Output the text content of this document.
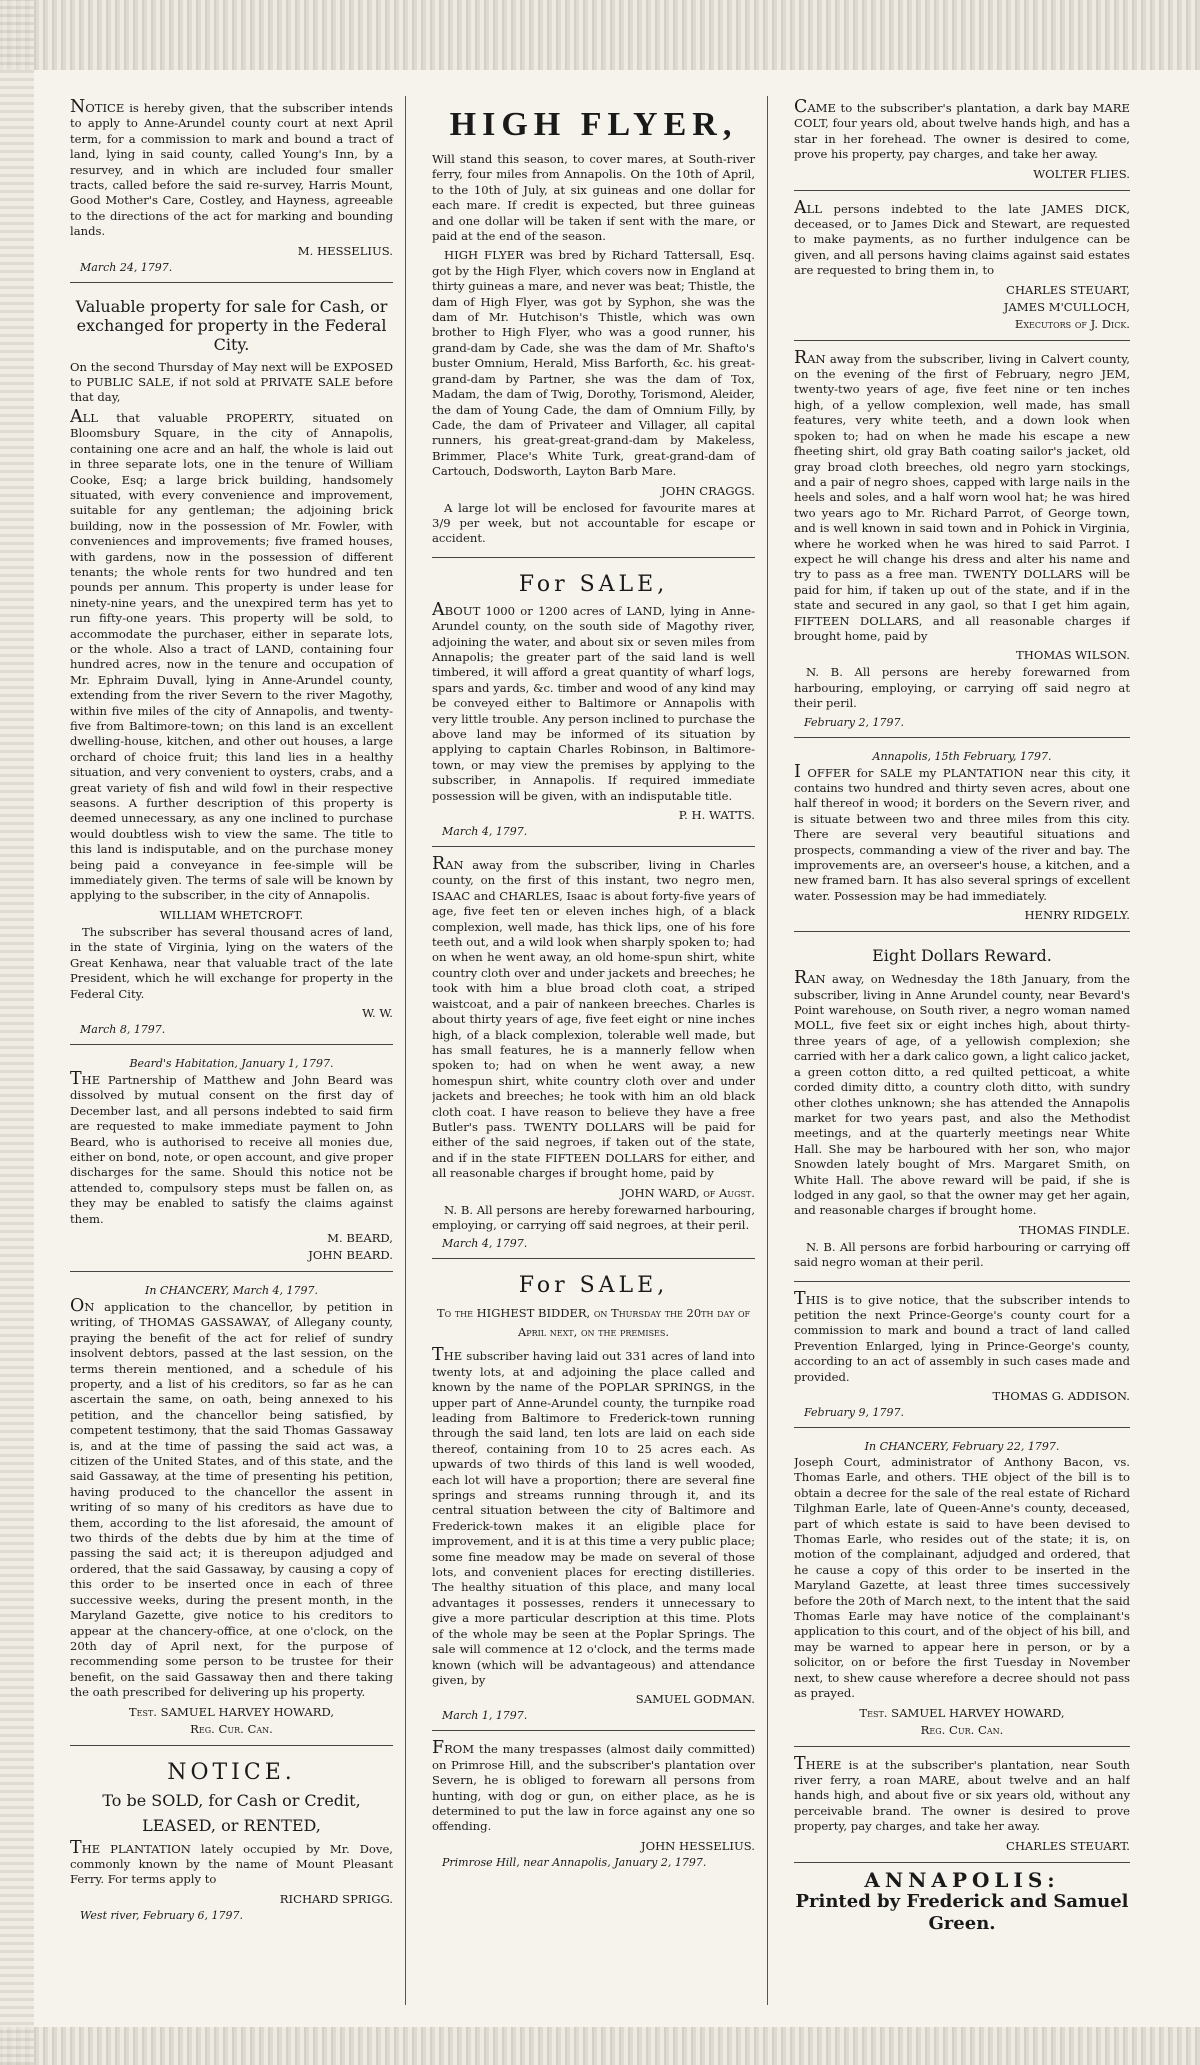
NOTICE is hereby given, that the subscriber intends to apply to Anne-Arundel county court at next April term, for a commission to mark and bound a tract of land, lying in said county, called Young's Inn, by a resurvey, and in which are included four smaller tracts, called before the said re-survey, Harris Mount, Good Mother's Care, Costley, and Hayness, agreeable to the directions of the act for marking and bounding lands.

M. HESSELIUS.
March 24, 1797.
Valuable property for sale for Cash, or exchanged for property in the Federal City.

On the second Thursday of May next will be EXPOSED to PUBLIC SALE, if not sold at PRIVATE SALE before that day,

ALL that valuable PROPERTY, situated on Bloomsbury Square, in the city of Annapolis, containing one acre and an half, the whole is laid out in three separate lots, one in the tenure of William Cooke, Esq; a large brick building, handsomely situated, with every convenience and improvement, suitable for any gentleman; the adjoining brick building, now in the possession of Mr. Fowler, with conveniences and improvements; five framed houses, with gardens, now in the possession of different tenants; the whole rents for two hundred and ten pounds per annum. This property is under lease for ninety-nine years, and the unexpired term has yet to run fifty-one years. This property will be sold, to accommodate the purchaser, either in separate lots, or the whole. Also a tract of LAND, containing four hundred acres, now in the tenure and occupation of Mr. Ephraim Duvall, lying in Anne-Arundel county, extending from the river Severn to the river Magothy, within five miles of the city of Annapolis, and twenty-five from Baltimore-town; on this land is an excellent dwelling-house, kitchen, and other out houses, a large orchard of choice fruit; this land lies in a healthy situation, and very convenient to oysters, crabs, and a great variety of fish and wild fowl in their respective seasons. A further description of this property is deemed unnecessary, as any one inclined to purchase would doubtless wish to view the same. The title to this land is indisputable, and on the purchase money being paid a conveyance in fee-simple will be immediately given. The terms of sale will be known by applying to the subscriber, in the city of Annapolis.

WILLIAM WHETCROFT.

The subscriber has several thousand acres of land, in the state of Virginia, lying on the waters of the Great Kenhawa, near that valuable tract of the late President, which he will exchange for property in the Federal City.

W. W.
March 8, 1797.
Beard's Habitation, January 1, 1797.

THE Partnership of Matthew and John Beard was dissolved by mutual consent on the first day of December last, and all persons indebted to said firm are requested to make immediate payment to John Beard, who is authorised to receive all monies due, either on bond, note, or open account, and give proper discharges for the same. Should this notice not be attended to, compulsory steps must be fallen on, as they may be enabled to satisfy the claims against them.

M. BEARD,
JOHN BEARD.
In CHANCERY, March 4, 1797.

ON application to the chancellor, by petition in writing, of THOMAS GASSAWAY, of Allegany county, praying the benefit of the act for relief of sundry insolvent debtors, passed at the last session, on the terms therein mentioned, and a schedule of his property, and a list of his creditors, so far as he can ascertain the same, on oath, being annexed to his petition, and the chancellor being satisfied, by competent testimony, that the said Thomas Gassaway is, and at the time of passing the said act was, a citizen of the United States, and of this state, and the said Gassaway, at the time of presenting his petition, having produced to the chancellor the assent in writing of so many of his creditors as have due to them, according to the list aforesaid, the amount of two thirds of the debts due by him at the time of passing the said act; it is thereupon adjudged and ordered, that the said Gassaway, by causing a copy of this order to be inserted once in each of three successive weeks, during the present month, in the Maryland Gazette, give notice to his creditors to appear at the chancery-office, at one o'clock, on the 20th day of April next, for the purpose of recommending some person to be trustee for their benefit, on the said Gassaway then and there taking the oath prescribed for delivering up his property.

Test. SAMUEL HARVEY HOWARD,
Reg. Cur. Can.
NOTICE.
To be SOLD, for Cash or Credit,
LEASED, or RENTED,

THE PLANTATION lately occupied by Mr. Dove, commonly known by the name of Mount Pleasant Ferry. For terms apply to

RICHARD SPRIGG.
West river, February 6, 1797.
HIGH FLYER,

Will stand this season, to cover mares, at South-river ferry, four miles from Annapolis. On the 10th of April, to the 10th of July, at six guineas and one dollar for each mare. If credit is expected, but three guineas and one dollar will be taken if sent with the mare, or paid at the end of the season.

HIGH FLYER was bred by Richard Tattersall, Esq. got by the High Flyer, which covers now in England at thirty guineas a mare, and never was beat; Thistle, the dam of High Flyer, was got by Syphon, she was the dam of Mr. Hutchison's Thistle, which was own brother to High Flyer, who was a good runner, his grand-dam by Cade, she was the dam of Mr. Shafto's buster Omnium, Herald, Miss Barforth, &c. his great-grand-dam by Partner, she was the dam of Tox, Madam, the dam of Twig, Dorothy, Torismond, Aleider, the dam of Young Cade, the dam of Omnium Filly, by Cade, the dam of Privateer and Villager, all capital runners, his great-great-grand-dam by Makeless, Brimmer, Place's White Turk, great-grand-dam of Cartouch, Dodsworth, Layton Barb Mare.

JOHN CRAGGS.

A large lot will be enclosed for favourite mares at 3/9 per week, but not accountable for escape or accident.

For SALE,

ABOUT 1000 or 1200 acres of LAND, lying in Anne-Arundel county, on the south side of Magothy river, adjoining the water, and about six or seven miles from Annapolis; the greater part of the said land is well timbered, it will afford a great quantity of wharf logs, spars and yards, &c. timber and wood of any kind may be conveyed either to Baltimore or Annapolis with very little trouble. Any person inclined to purchase the above land may be informed of its situation by applying to captain Charles Robinson, in Baltimore-town, or may view the premises by applying to the subscriber, in Annapolis. If required immediate possession will be given, with an indisputable title.

P. H. WATTS.
March 4, 1797.

RAN away from the subscriber, living in Charles county, on the first of this instant, two negro men, ISAAC and CHARLES, Isaac is about forty-five years of age, five feet ten or eleven inches high, of a black complexion, well made, has thick lips, one of his fore teeth out, and a wild look when sharply spoken to; had on when he went away, an old home-spun shirt, white country cloth over and under jackets and breeches; he took with him a blue broad cloth coat, a striped waistcoat, and a pair of nankeen breeches. Charles is about thirty years of age, five feet eight or nine inches high, of a black complexion, tolerable well made, but has small features, he is a mannerly fellow when spoken to; had on when he went away, a new homespun shirt, white country cloth over and under jackets and breeches; he took with him an old black cloth coat. I have reason to believe they have a free Butler's pass. TWENTY DOLLARS will be paid for either of the said negroes, if taken out of the state, and if in the state FIFTEEN DOLLARS for either, and all reasonable charges if brought home, paid by

JOHN WARD, of Augst.

N. B. All persons are hereby forewarned harbouring, employing, or carrying off said negroes, at their peril.

March 4, 1797.
For SALE,
To the HIGHEST BIDDER, on Thursday the 20th day of April next, on the premises.

THE subscriber having laid out 331 acres of land into twenty lots, at and adjoining the place called and known by the name of the POPLAR SPRINGS, in the upper part of Anne-Arundel county, the turnpike road leading from Baltimore to Frederick-town running through the said land, ten lots are laid on each side thereof, containing from 10 to 25 acres each. As upwards of two thirds of this land is well wooded, each lot will have a proportion; there are several fine springs and streams running through it, and its central situation between the city of Baltimore and Frederick-town makes it an eligible place for improvement, and it is at this time a very public place; some fine meadow may be made on several of those lots, and convenient places for erecting distilleries. The healthy situation of this place, and many local advantages it possesses, renders it unnecessary to give a more particular description at this time. Plots of the whole may be seen at the Poplar Springs. The sale will commence at 12 o'clock, and the terms made known (which will be advantageous) and attendance given, by

SAMUEL GODMAN.
March 1, 1797.

FROM the many trespasses (almost daily committed) on Primrose Hill, and the subscriber's plantation over Severn, he is obliged to forewarn all persons from hunting, with dog or gun, on either place, as he is determined to put the law in force against any one so offending.

JOHN HESSELIUS.
Primrose Hill, near Annapolis, January 2, 1797.

CAME to the subscriber's plantation, a dark bay MARE COLT, four years old, about twelve hands high, and has a star in her forehead. The owner is desired to come, prove his property, pay charges, and take her away.

WOLTER FLIES.

ALL persons indebted to the late JAMES DICK, deceased, or to James Dick and Stewart, are requested to make payments, as no further indulgence can be given, and all persons having claims against said estates are requested to bring them in, to

CHARLES STEUART,
JAMES M'CULLOCH,
Executors of J. Dick.

RAN away from the subscriber, living in Calvert county, on the evening of the first of February, negro JEM, twenty-two years of age, five feet nine or ten inches high, of a yellow complexion, well made, has small features, very white teeth, and a down look when spoken to; had on when he made his escape a new fheeting shirt, old gray Bath coating sailor's jacket, old gray broad cloth breeches, old negro yarn stockings, and a pair of negro shoes, capped with large nails in the heels and soles, and a half worn wool hat; he was hired two years ago to Mr. Richard Parrot, of George town, and is well known in said town and in Pohick in Virginia, where he worked when he was hired to said Parrot. I expect he will change his dress and alter his name and try to pass as a free man. TWENTY DOLLARS will be paid for him, if taken up out of the state, and if in the state and secured in any gaol, so that I get him again, FIFTEEN DOLLARS, and all reasonable charges if brought home, paid by

THOMAS WILSON.

N. B. All persons are hereby forewarned from harbouring, employing, or carrying off said negro at their peril.

February 2, 1797.
Annapolis, 15th February, 1797.

I OFFER for SALE my PLANTATION near this city, it contains two hundred and thirty seven acres, about one half thereof in wood; it borders on the Severn river, and is situate between two and three miles from this city. There are several very beautiful situations and prospects, commanding a view of the river and bay. The improvements are, an overseer's house, a kitchen, and a new framed barn. It has also several springs of excellent water. Possession may be had immediately.

HENRY RIDGELY.
Eight Dollars Reward.

RAN away, on Wednesday the 18th January, from the subscriber, living in Anne Arundel county, near Bevard's Point warehouse, on South river, a negro woman named MOLL, five feet six or eight inches high, about thirty-three years of age, of a yellowish complexion; she carried with her a dark calico gown, a light calico jacket, a green cotton ditto, a red quilted petticoat, a white corded dimity ditto, a country cloth ditto, with sundry other clothes unknown; she has attended the Annapolis market for two years past, and also the Methodist meetings, and at the quarterly meetings near White Hall. She may be harboured with her son, who major Snowden lately bought of Mrs. Margaret Smith, on White Hall. The above reward will be paid, if she is lodged in any gaol, so that the owner may get her again, and reasonable charges if brought home.

THOMAS FINDLE.

N. B. All persons are forbid harbouring or carrying off said negro woman at their peril.

THIS is to give notice, that the subscriber intends to petition the next Prince-George's county court for a commission to mark and bound a tract of land called Prevention Enlarged, lying in Prince-George's county, according to an act of assembly in such cases made and provided.

THOMAS G. ADDISON.
February 9, 1797.
In CHANCERY, February 22, 1797.

Joseph Court, administrator of Anthony Bacon, vs. Thomas Earle, and others. THE object of the bill is to obtain a decree for the sale of the real estate of Richard Tilghman Earle, late of Queen-Anne's county, deceased, part of which estate is said to have been devised to Thomas Earle, who resides out of the state; it is, on motion of the complainant, adjudged and ordered, that he cause a copy of this order to be inserted in the Maryland Gazette, at least three times successively before the 20th of March next, to the intent that the said Thomas Earle may have notice of the complainant's application to this court, and of the object of his bill, and may be warned to appear here in person, or by a solicitor, on or before the first Tuesday in November next, to shew cause wherefore a decree should not pass as prayed.

Test. SAMUEL HARVEY HOWARD,
Reg. Cur. Can.

THERE is at the subscriber's plantation, near South river ferry, a roan MARE, about twelve and an half hands high, and about five or six years old, without any perceivable brand. The owner is desired to prove property, pay charges, and take her away.

CHARLES STEUART.
ANNAPOLIS:
Printed by Frederick and Samuel
Green.
